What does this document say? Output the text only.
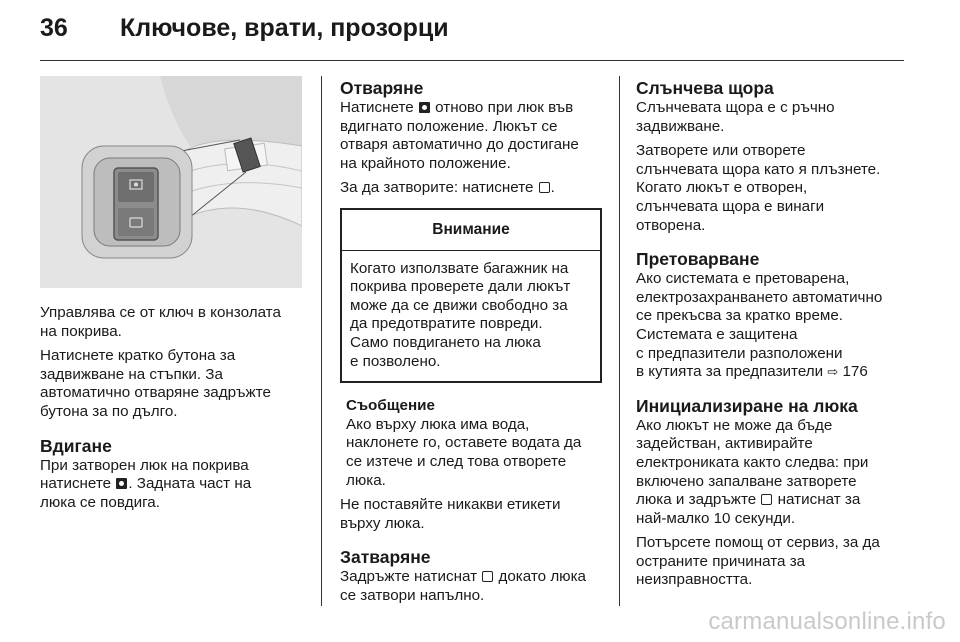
36 Ключове, врати, прозорци

Управлява се от ключ в конзолата
на покрива.

Натиснете кратко бутона за
задвижване на стъпки. За
автоматично отваряне задръжте
бутона за по дълго.

Вдигане

При затворен люк на покрива
натиснете . Задната част на
люка се повдига.

Отваряне

Натиснете  отново при люк във
вдигнато положение. Люкът се
отваря автоматично до достигане
на крайното положение.

За да затворите: натиснете .

Внимание
Когато използвате багажник на
покрива проверете дали люкът
може да се движи свободно за
да предотвратите повреди.
Само повдигането на люка
е позволено.

Съобщение

Ако върху люка има вода,
наклонете го, оставете водата да
се изтече и след това отворете
люка.

Не поставяйте никакви етикети
върху люка.

Затваряне

Задръжте натиснат  докато люка
се затвори напълно.

Слънчева щора

Слънчевата щора е с ръчно
задвижване.

Затворете или отворете
слънчевата щора като я плъзнете.
Когато люкът е отворен,
слънчевата щора е винаги
отворена.

Претоварване

Ако системата е претоварена,
електрозахранването автоматично
се прекъсва за кратко време.
Системата е защитена
с предпазители разположени
в кутията за предпазители ⇨ 176

Инициализиране на люка

Ако люкът не може да бъде
задействан, активирайте
електрониката както следва: при
включено запалване затворете
люка и задръжте  натиснат за
най-малко 10 секунди.

Потърсете помощ от сервиз, за да
остраните причината за
неизправността.

carmanualsonline.info
